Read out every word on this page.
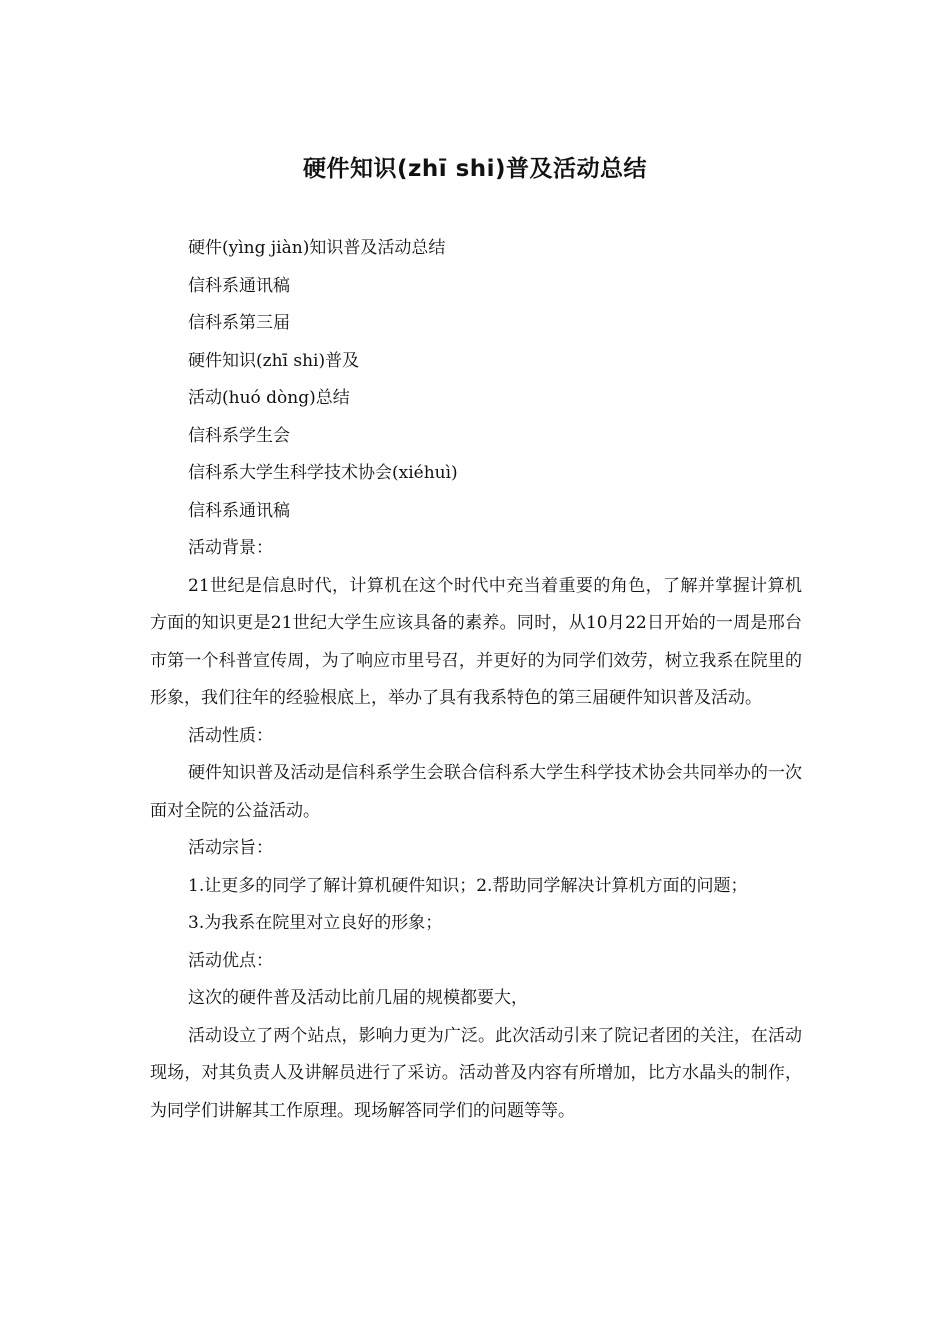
硬件知识(zhī shi)普及活动总结

硬件(yìng jiàn)知识普及活动总结

信科系通讯稿

信科系第三届

硬件知识(zhī shi)普及

活动(huó dòng)总结

信科系学生会

信科系大学生科学技术协会(xiéhuì)

信科系通讯稿

活动背景：

21世纪是信息时代，计算机在这个时代中充当着重要的角色，了解并掌握计算机方面的知识更是21世纪大学生应该具备的素养。同时，从10月22日开始的一周是邢台市第一个科普宣传周，为了响应市里号召，并更好的为同学们效劳，树立我系在院里的形象，我们往年的经验根底上，举办了具有我系特色的第三届硬件知识普及活动。

活动性质：

硬件知识普及活动是信科系学生会联合信科系大学生科学技术协会共同举办的一次面对全院的公益活动。

活动宗旨：

1.让更多的同学了解计算机硬件知识；2.帮助同学解决计算机方面的问题；

3.为我系在院里对立良好的形象；

活动优点：

这次的硬件普及活动比前几届的规模都要大，

活动设立了两个站点，影响力更为广泛。此次活动引来了院记者团的关注，在活动现场，对其负责人及讲解员进行了采访。活动普及内容有所增加，比方水晶头的制作，为同学们讲解其工作原理。现场解答同学们的问题等等。
